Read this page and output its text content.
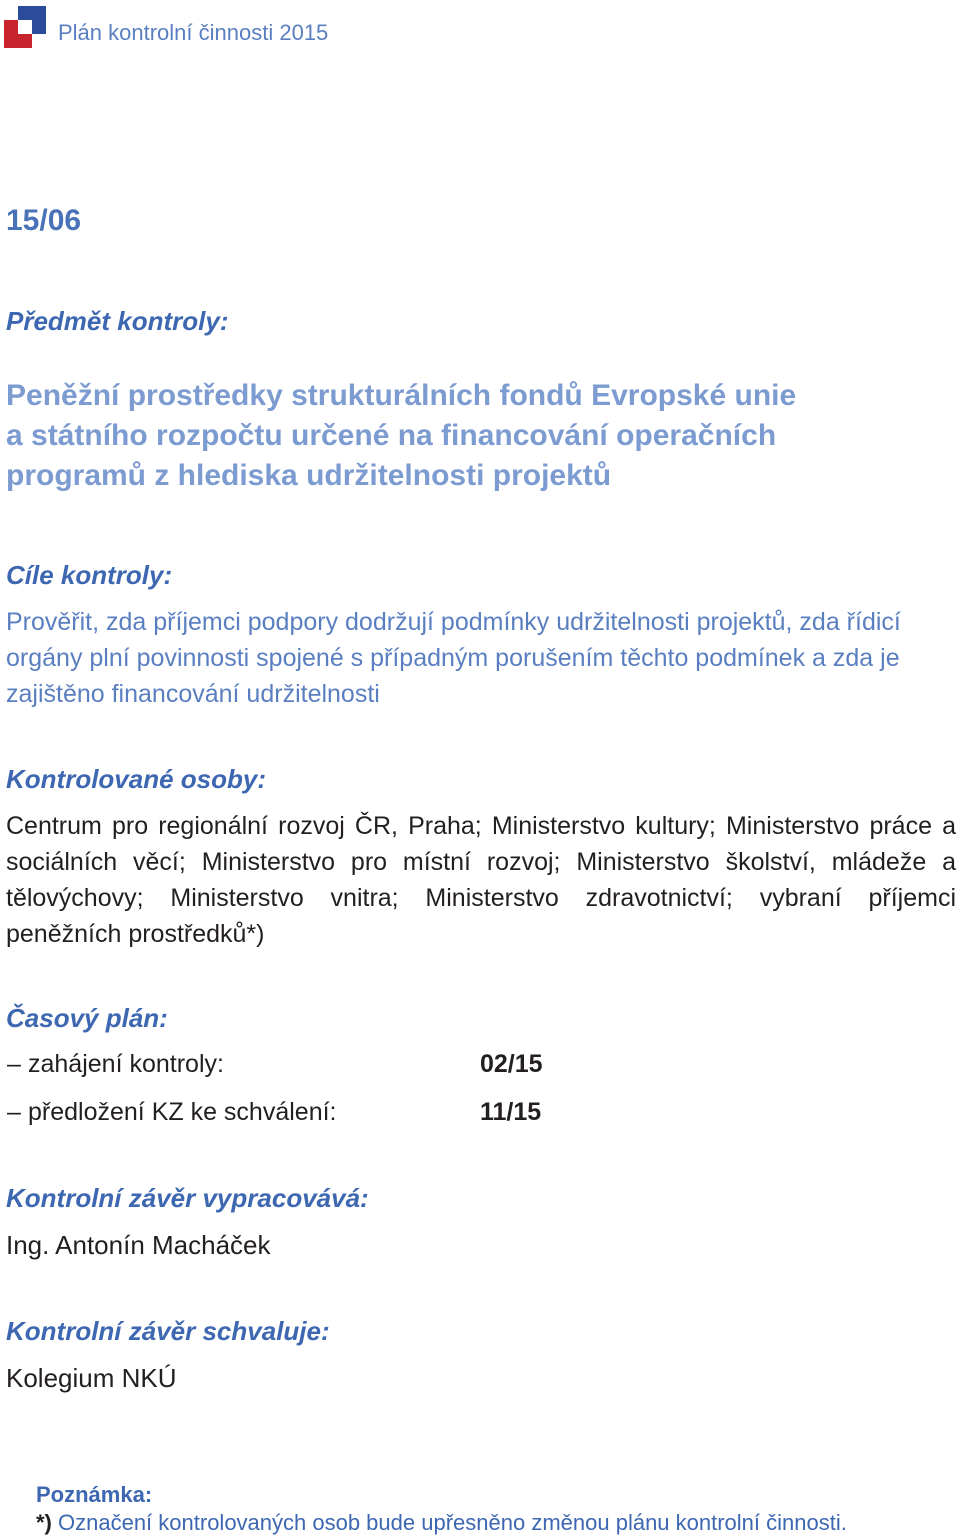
Plán kontrolní činnosti 2015
15/06
Předmět kontroly:
Peněžní prostředky strukturálních fondů Evropské unie
a státního rozpočtu určené na financování operačních
programů z hlediska udržitelnosti projektů
Cíle kontroly:
Prověřit, zda příjemci podpory dodržují podmínky udržitelnosti projektů, zda řídicí orgány plní povinnosti spojené s případným porušením těchto podmínek a zda je zajištěno financování udržitelnosti
Kontrolované osoby:
Centrum pro regionální rozvoj ČR, Praha; Ministerstvo kultury; Ministerstvo práce a sociálních věcí; Ministerstvo pro místní rozvoj; Ministerstvo školství, mládeže a tělovýchovy; Ministerstvo vnitra; Ministerstvo zdravotnictví; vybraní příjemci peněžních prostředků*)
Časový plán:
– zahájení kontroly:	02/15
– předložení KZ ke schválení:	11/15
Kontrolní závěr vypracovává:
Ing. Antonín Macháček
Kontrolní závěr schvaluje:
Kolegium NKÚ
Poznámka:
*) Označení kontrolovaných osob bude upřesněno změnou plánu kontrolní činnosti.
